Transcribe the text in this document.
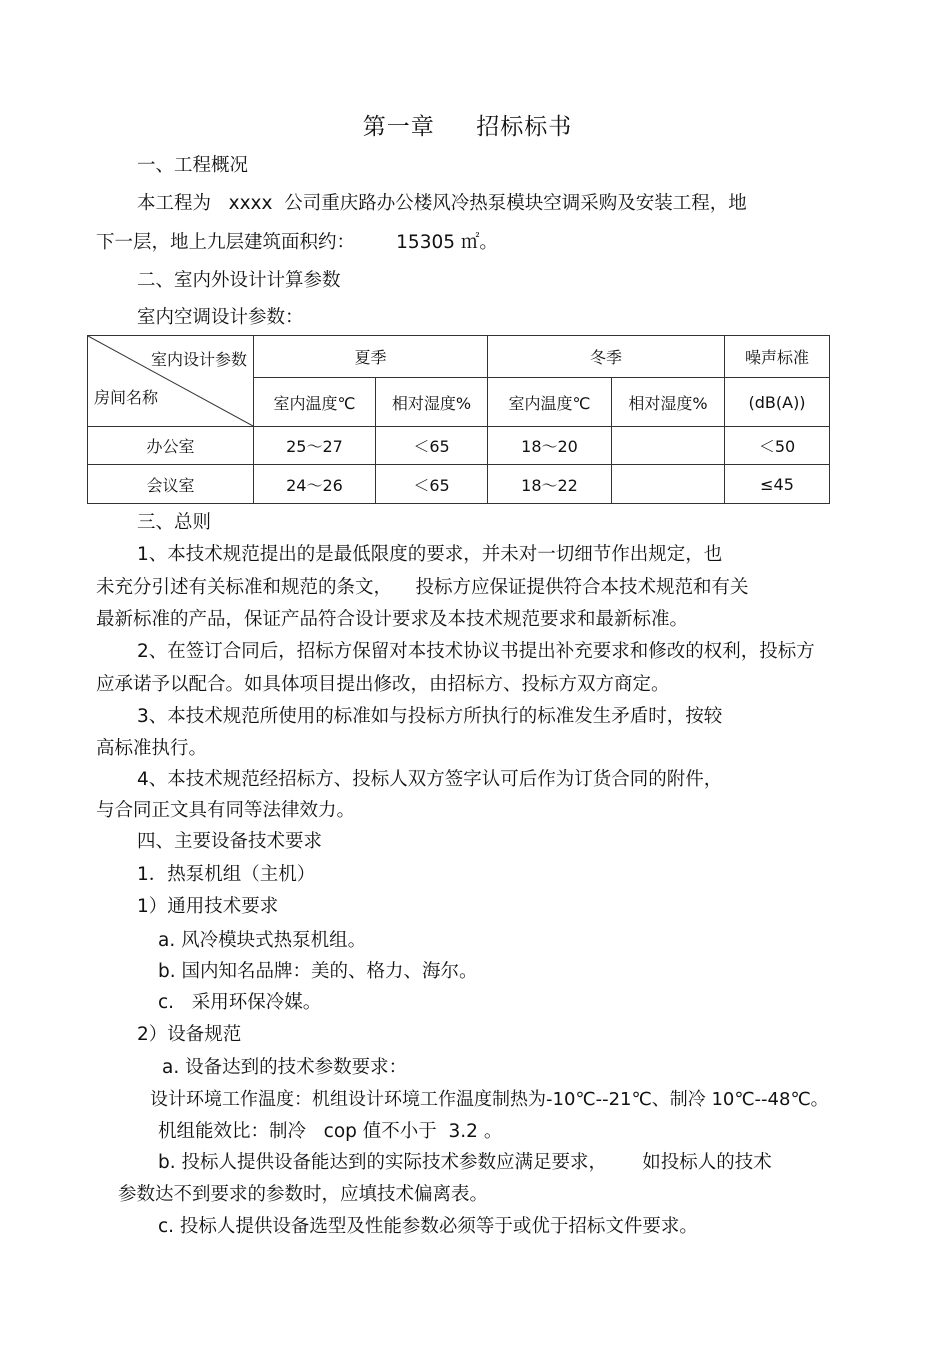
第一章     招标标书
一、工程概况
本工程为   xxxx  公司重庆路办公楼风冷热泵模块空调采购及安装工程，地
下一层，地上九层建筑面积约：       15305 ㎡。
二、室内外设计计算参数
室内空调设计参数：
室内设计参数
房间名称	夏季		冬季		噪声标准
	室内温度℃	相对湿度%	室内温度℃	相对湿度%	(dB(A))
办公室	25～27	＜65	18～20		＜50
会议室	24～26	＜65	18～22		≤45
三、总则
1、本技术规范提出的是最低限度的要求，并未对一切细节作出规定，也
未充分引述有关标准和规范的条文，    投标方应保证提供符合本技术规范和有关
最新标准的产品，保证产品符合设计要求及本技术规范要求和最新标准。
2、在签订合同后，招标方保留对本技术协议书提出补充要求和修改的权利，投标方
应承诺予以配合。如具体项目提出修改，由招标方、投标方双方商定。
3、本技术规范所使用的标准如与投标方所执行的标准发生矛盾时，按较
高标准执行。
4、本技术规范经招标方、投标人双方签字认可后作为订货合同的附件，
与合同正文具有同等法律效力。
四、主要设备技术要求
1．热泵机组（主机）
1）通用技术要求
a. 风冷模块式热泵机组。
b. 国内知名品牌：美的、格力、海尔。
c.   采用环保冷媒。
2）设备规范
a. 设备达到的技术参数要求：
设计环境工作温度：机组设计环境工作温度制热为-10℃--21℃、制冷 10℃--48℃。
机组能效比：制冷   cop 值不小于  3.2 。
b. 投标人提供设备能达到的实际技术参数应满足要求，      如投标人的技术
参数达不到要求的参数时，应填技术偏离表。
c. 投标人提供设备选型及性能参数必须等于或优于招标文件要求。
